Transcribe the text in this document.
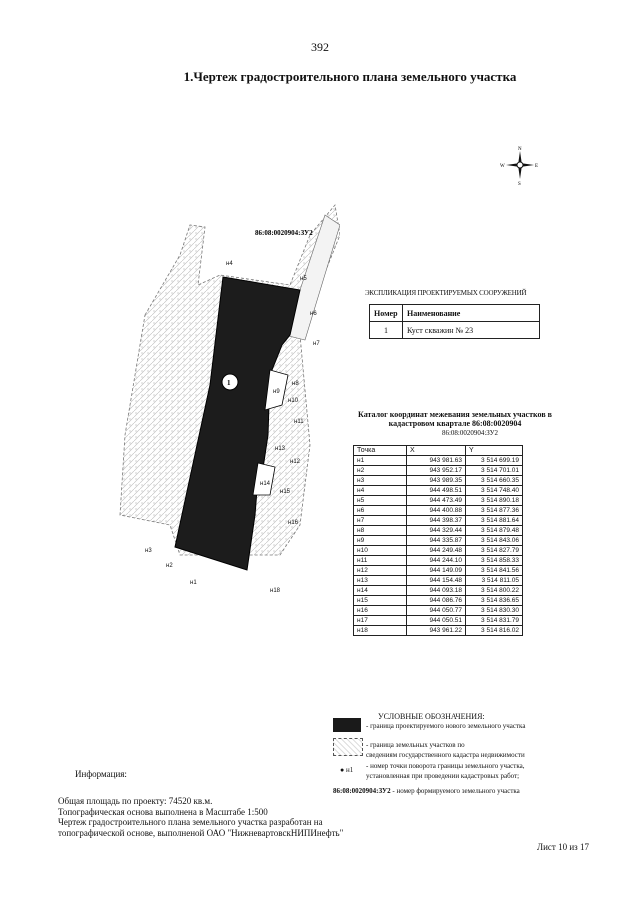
392
1.Чертеж градостроительного плана земельного участка
N
S
W	E
1
86:08:0020904:ЗУ2
н4
н5
н6
н7
н8
н9
н10
н11
н12
н13
н14
н15
н16
н3
н2
н1
н18
ЭКСПЛИКАЦИЯ ПРОЕКТИРУЕМЫХ СООРУЖЕНИЙ
Номер	Наименование
1	Куст скважин № 23
Каталог координат межевания земельных участков в кадастровом квартале 86:08:0020904
86:08:0020904:ЗУ2
Точка	X	Y
н1	943 981.63	3 514 699.19
н2	943 952.17	3 514 701.01
н3	943 989.35	3 514 660.35
н4	944 498.51	3 514 748.40
н5	944 473.49	3 514 890.18
н6	944 400.88	3 514 877.36
н7	944 398.37	3 514 881.64
н8	944 329.44	3 514 879.48
н9	944 335.87	3 514 843.06
н10	944 249.48	3 514 827.79
н11	944 244.10	3 514 858.33
н12	944 149.09	3 514 841.56
н13	944 154.48	3 514 811.05
н14	944 093.18	3 514 800.22
н15	944 086.76	3 514 836.65
н16	944 050.77	3 514 830.30
н17	944 050.51	3 514 831.79
н18	943 961.22	3 514 816.02
УСЛОВНЫЕ ОБОЗНАЧЕНИЯ:
- граница проектируемого нового земельного участка
- граница земельных участков по
сведениям государственного кадастра недвижимости
● н1 - номер точки поворота границы земельного участка,
установленная при проведении кадастровых работ;
86:08:0020904:ЗУ2 - номер формируемого земельного участка
Информация:
Общая площадь по проекту: 74520 кв.м.
Топографическая основа выполнена в Масштабе 1:500
Чертеж градостроительного плана земельного участка разработан на
топографической основе, выполненой ОАО "НижневартовскНИПИнефть"
Лист 10 из 17
